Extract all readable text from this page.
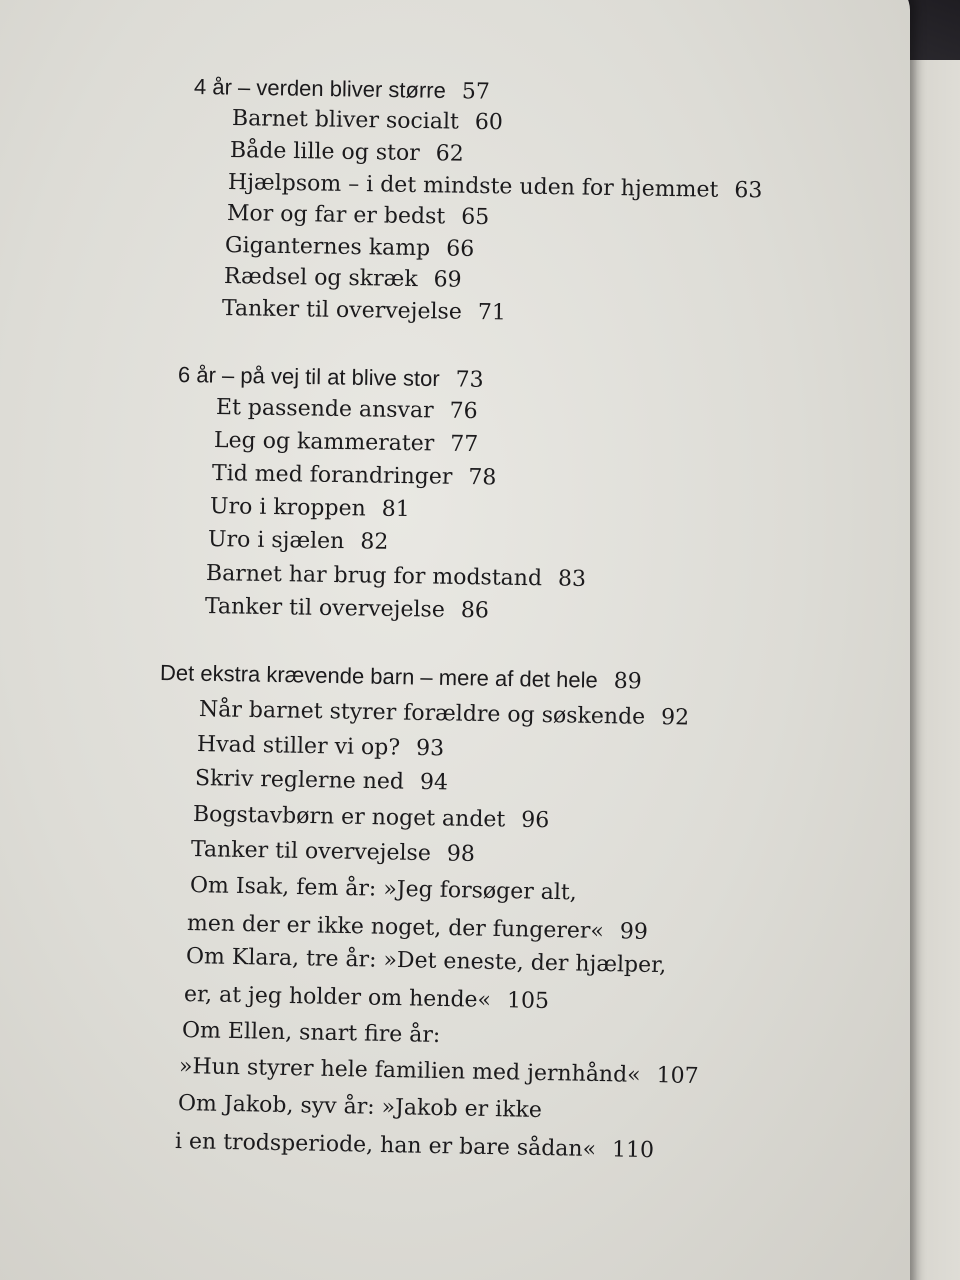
4 år – verden bliver større 57
Barnet bliver socialt 60
Både lille og stor 62
Hjælpsom – i det mindste uden for hjemmet 63
Mor og far er bedst 65
Giganternes kamp 66
Rædsel og skræk 69
Tanker til overvejelse 71
6 år – på vej til at blive stor 73
Et passende ansvar 76
Leg og kammerater 77
Tid med forandringer 78
Uro i kroppen 81
Uro i sjælen 82
Barnet har brug for modstand 83
Tanker til overvejelse 86
Det ekstra krævende barn – mere af det hele 89
Når barnet styrer forældre og søskende 92
Hvad stiller vi op? 93
Skriv reglerne ned 94
Bogstavbørn er noget andet 96
Tanker til overvejelse 98
Om Isak, fem år: »Jeg forsøger alt,
men der er ikke noget, der fungerer« 99
Om Klara, tre år: »Det eneste, der hjælper,
er, at jeg holder om hende« 105
Om Ellen, snart fire år:
»Hun styrer hele familien med jernhånd« 107
Om Jakob, syv år: »Jakob er ikke
i en trodsperiode, han er bare sådan« 110
